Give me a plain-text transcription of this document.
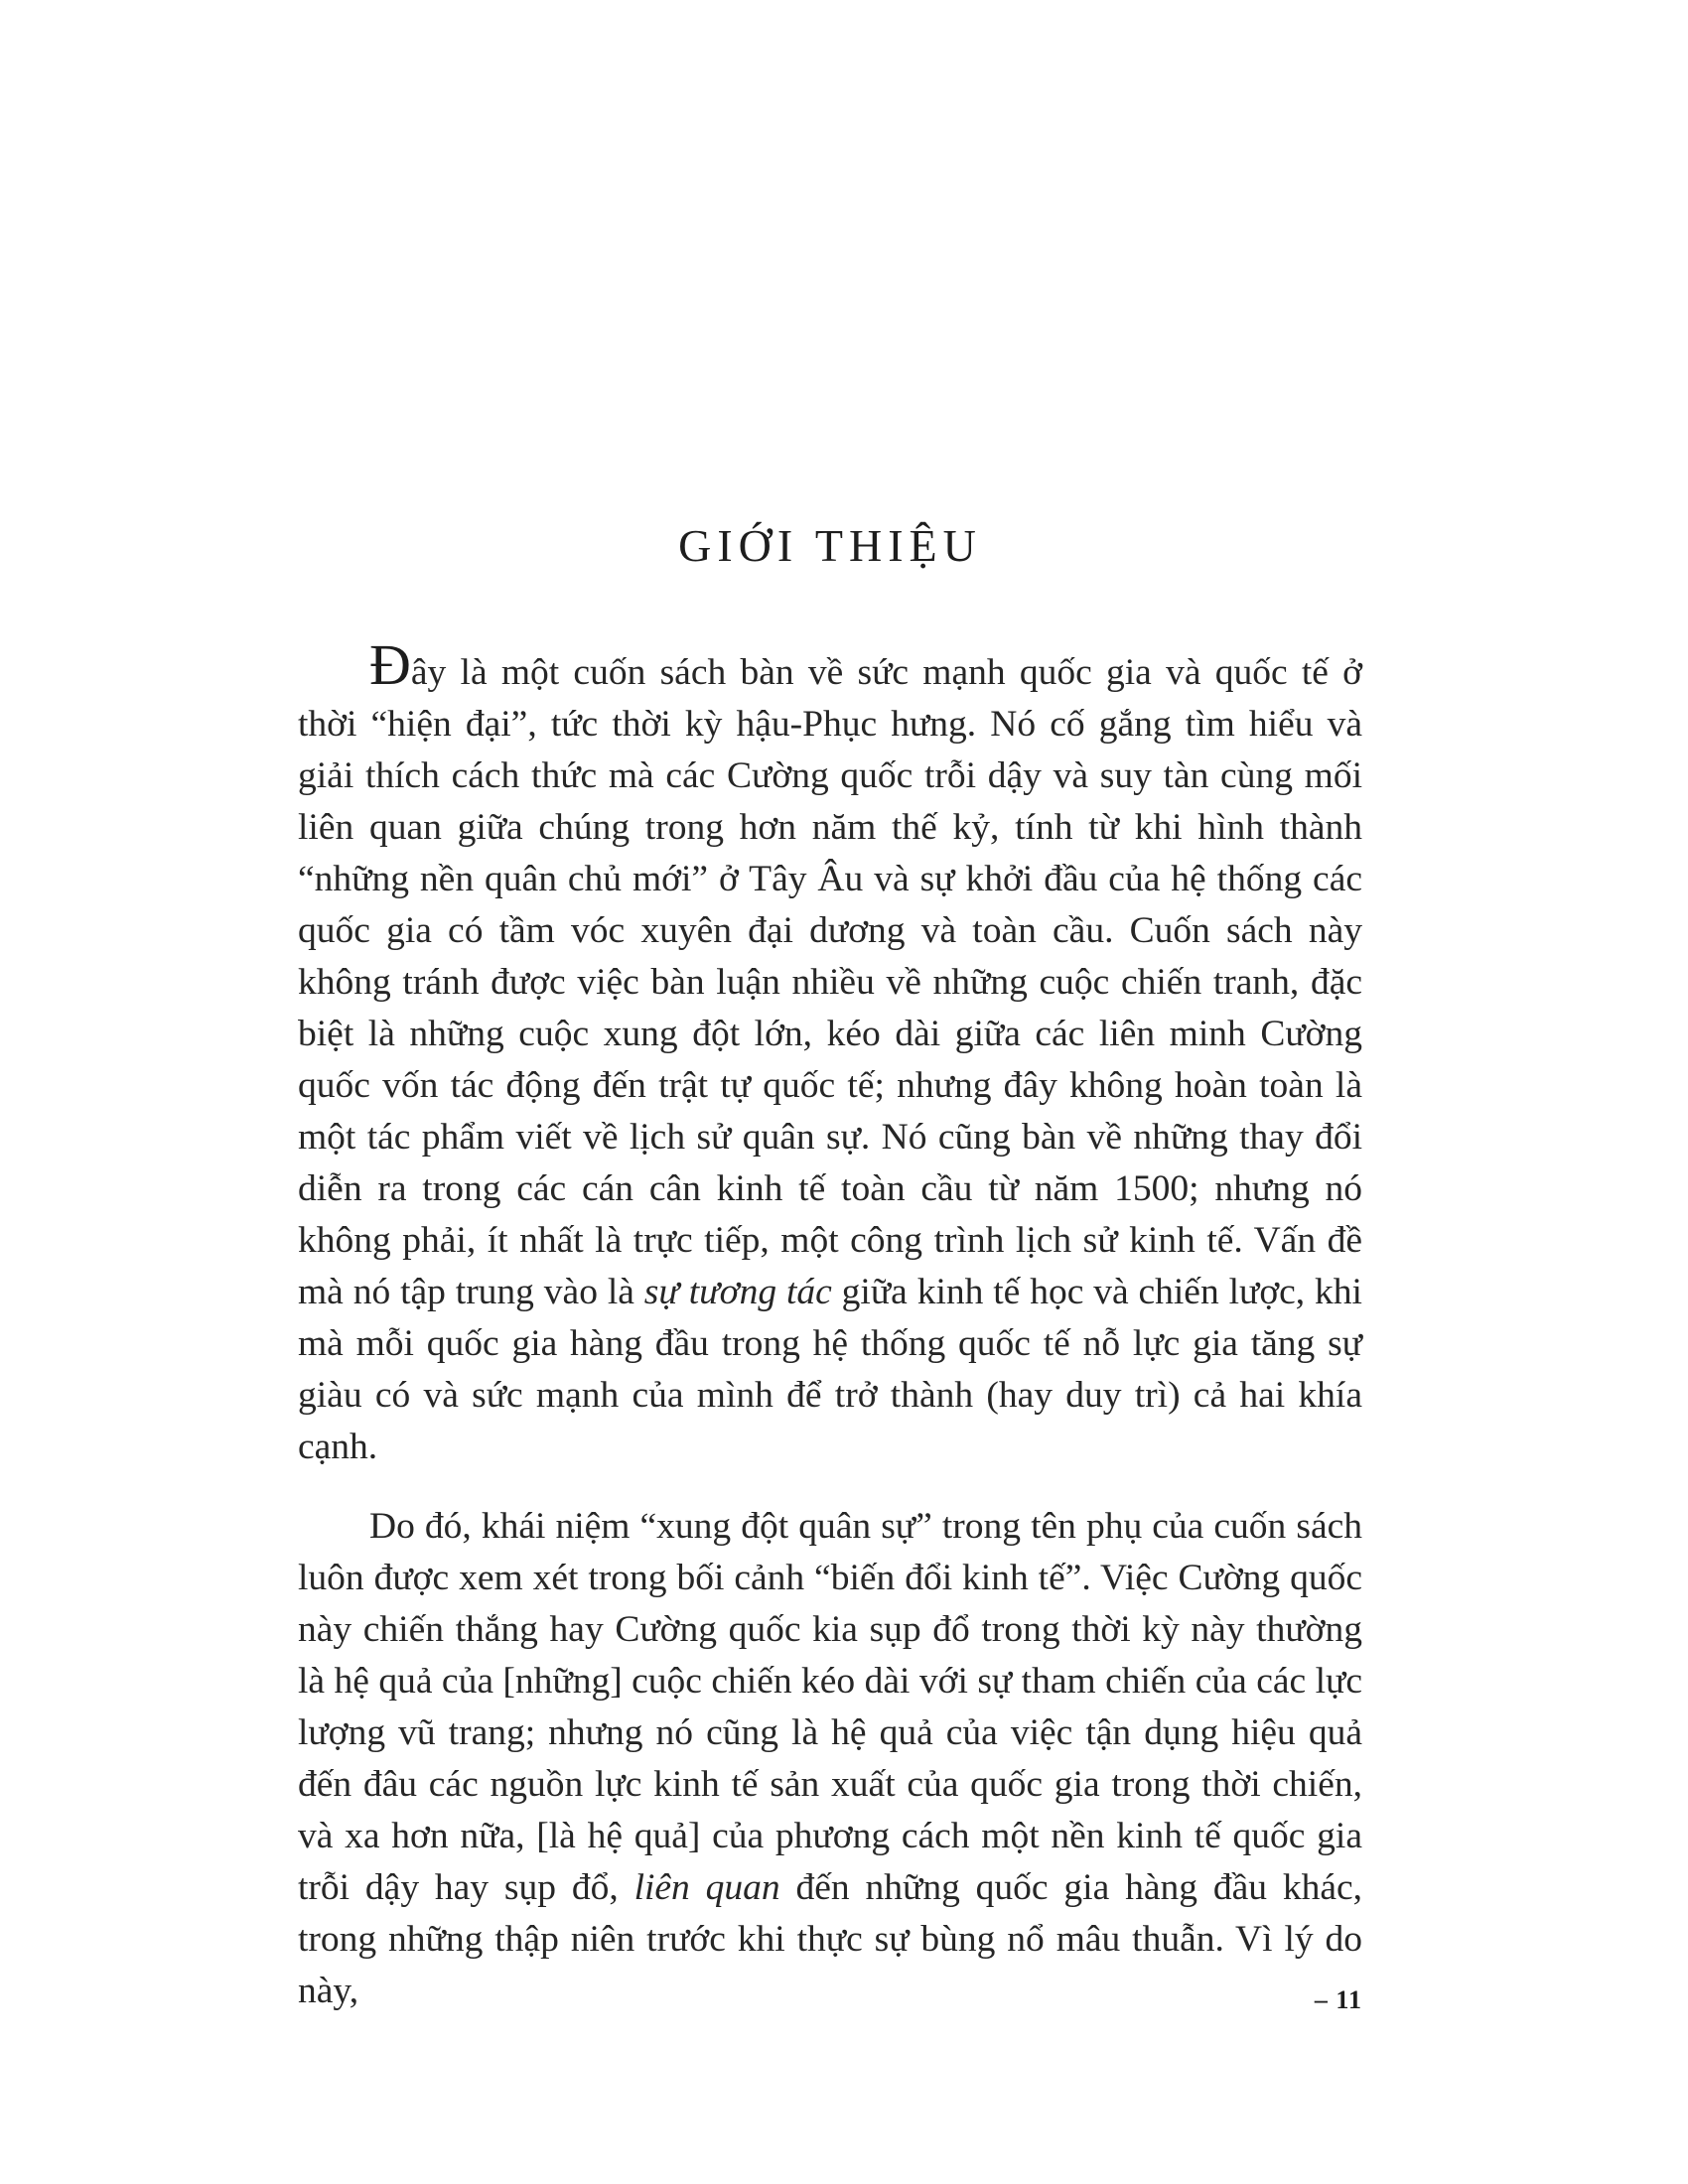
GIỚI THIỆU

Đây là một cuốn sách bàn về sức mạnh quốc gia và quốc tế ở thời “hiện đại”, tức thời kỳ hậu-Phục hưng. Nó cố gắng tìm hiểu và giải thích cách thức mà các Cường quốc trỗi dậy và suy tàn cùng mối liên quan giữa chúng trong hơn năm thế kỷ, tính từ khi hình thành “những nền quân chủ mới” ở Tây Âu và sự khởi đầu của hệ thống các quốc gia có tầm vóc xuyên đại dương và toàn cầu. Cuốn sách này không tránh được việc bàn luận nhiều về những cuộc chiến tranh, đặc biệt là những cuộc xung đột lớn, kéo dài giữa các liên minh Cường quốc vốn tác động đến trật tự quốc tế; nhưng đây không hoàn toàn là một tác phẩm viết về lịch sử quân sự. Nó cũng bàn về những thay đổi diễn ra trong các cán cân kinh tế toàn cầu từ năm 1500; nhưng nó không phải, ít nhất là trực tiếp, một công trình lịch sử kinh tế. Vấn đề mà nó tập trung vào là sự tương tác giữa kinh tế học và chiến lược, khi mà mỗi quốc gia hàng đầu trong hệ thống quốc tế nỗ lực gia tăng sự giàu có và sức mạnh của mình để trở thành (hay duy trì) cả hai khía cạnh.

Do đó, khái niệm “xung đột quân sự” trong tên phụ của cuốn sách luôn được xem xét trong bối cảnh “biến đổi kinh tế”. Việc Cường quốc này chiến thắng hay Cường quốc kia sụp đổ trong thời kỳ này thường là hệ quả của [những] cuộc chiến kéo dài với sự tham chiến của các lực lượng vũ trang; nhưng nó cũng là hệ quả của việc tận dụng hiệu quả đến đâu các nguồn lực kinh tế sản xuất của quốc gia trong thời chiến, và xa hơn nữa, [là hệ quả] của phương cách một nền kinh tế quốc gia trỗi dậy hay sụp đổ, liên quan đến những quốc gia hàng đầu khác, trong những thập niên trước khi thực sự bùng nổ mâu thuẫn. Vì lý do này,	– 11
